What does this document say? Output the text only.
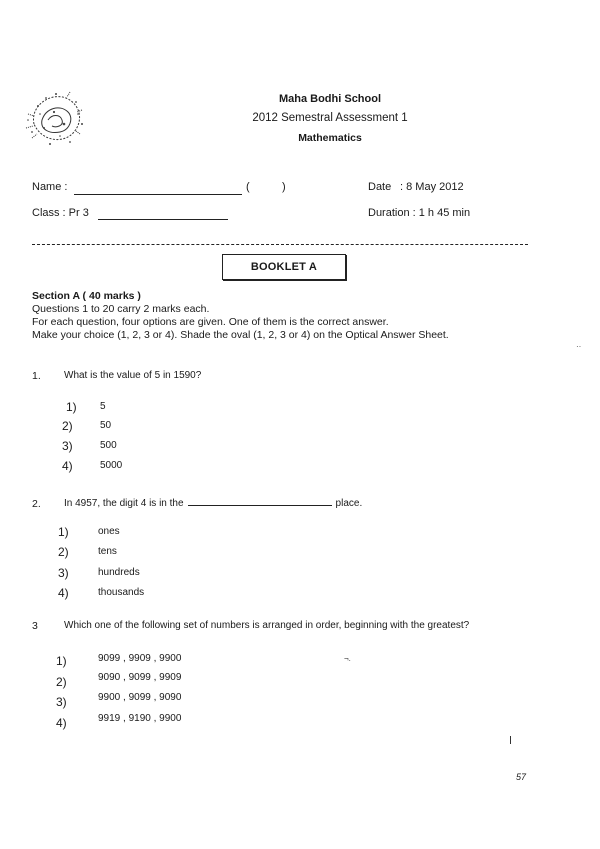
Maha Bodhi School
2012 Semestral Assessment 1
Mathematics
Name :	(	)	Date : 8 May 2012
Class : Pr 3	Duration : 1 h 45 min
BOOKLET A
Section A ( 40 marks )
Questions 1 to 20 carry 2 marks each.
For each question, four options are given. One of them is the correct answer.
Make your choice (1, 2, 3 or 4). Shade the oval (1, 2, 3 or 4) on the Optical Answer Sheet.
··
1. What is the value of 5 in 1590?
1) 5
2)	50
3)	500
4)	5000
2. In 4957, the digit 4 is in the	place.
1)	ones
2)	tens
3)	hundreds
4)	thousands
3	Which one of the following set of numbers is arranged in order, beginning with the greatest?
1)	9099 , 9909 , 9900	¬.
2)	9090 , 9099 , 9909
3)	9900 , 9099 , 9090
4)	9919 , 9190 , 9900
57
